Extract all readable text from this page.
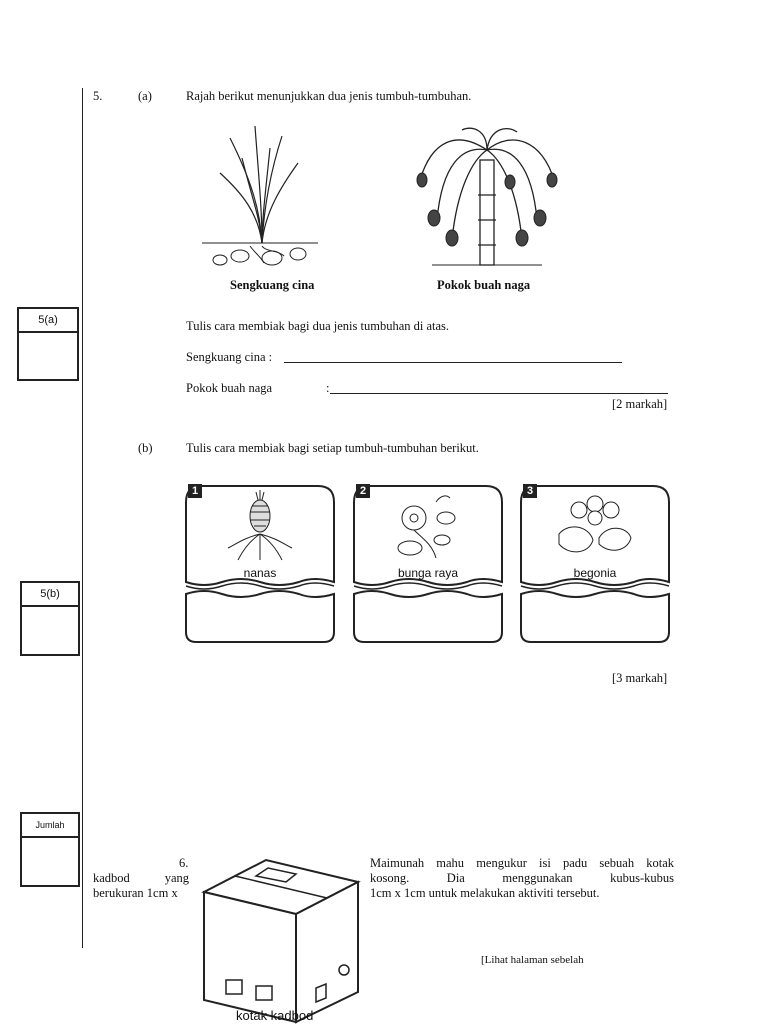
5.	(a)	Rajah berikut menunjukkan dua jenis tumbuh-tumbuhan.
Sengkuang cina	Pokok buah naga
5(a)	Tulis cara membiak bagi dua jenis tumbuhan di atas.
Sengkuang cina :
Pokok buah naga	:
[2 markah]
(b)	Tulis cara membiak bagi setiap tumbuh-tumbuhan berikut.
1
nanas
2
bunga raya
3
begonia
5(b)
[3 markah]
Jumlah
6.	Maimunah mahu mengukur isi padu sebuah kotak
kadbod yang	kosong. Dia menggunakan kubus-kubus
berukuran 1cm x	1cm x 1cm untuk melakukan aktiviti tersebut.
kotak kadbod
[Lihat halaman sebelah
